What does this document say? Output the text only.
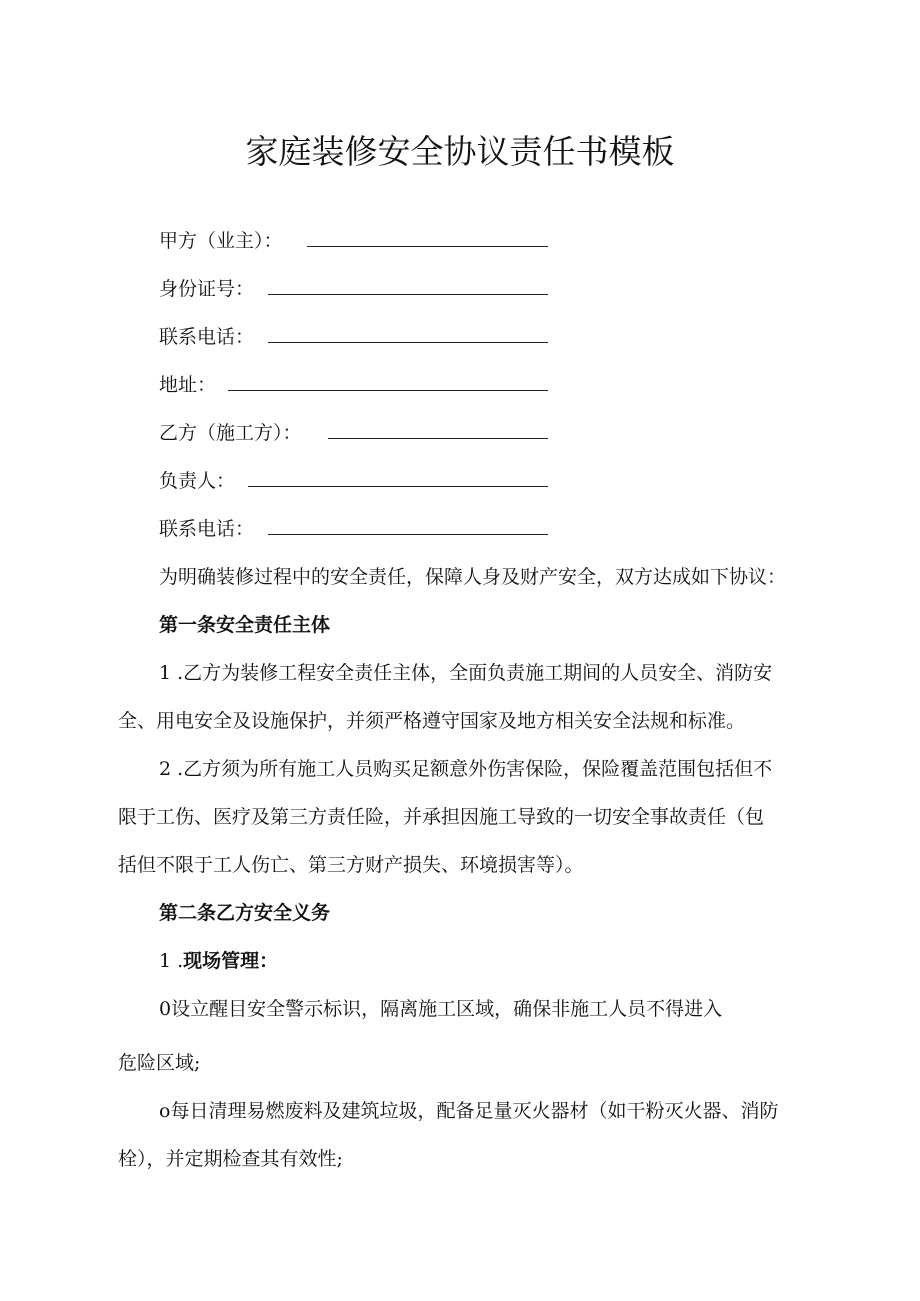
家庭装修安全协议责任书模板
甲方（业主）：
身份证号：
联系电话：
地址：
乙方（施工方）：
负责人：
联系电话：
为明确装修过程中的安全责任，保障人身及财产安全，双方达成如下协议：
第一条安全责任主体
1 .乙方为装修工程安全责任主体，全面负责施工期间的人员安全、消防安
全、用电安全及设施保护，并须严格遵守国家及地方相关安全法规和标准。
2 .乙方须为所有施工人员购买足额意外伤害保险，保险覆盖范围包括但不
限于工伤、医疗及第三方责任险，并承担因施工导致的一切安全事故责任（包
括但不限于工人伤亡、第三方财产损失、环境损害等）。
第二条乙方安全义务
1 .现场管理：
0设立醒目安全警示标识，隔离施工区域，确保非施工人员不得进入
危险区域;
o每日清理易燃废料及建筑垃圾，配备足量灭火器材（如干粉灭火器、消防
栓），并定期检查其有效性;
